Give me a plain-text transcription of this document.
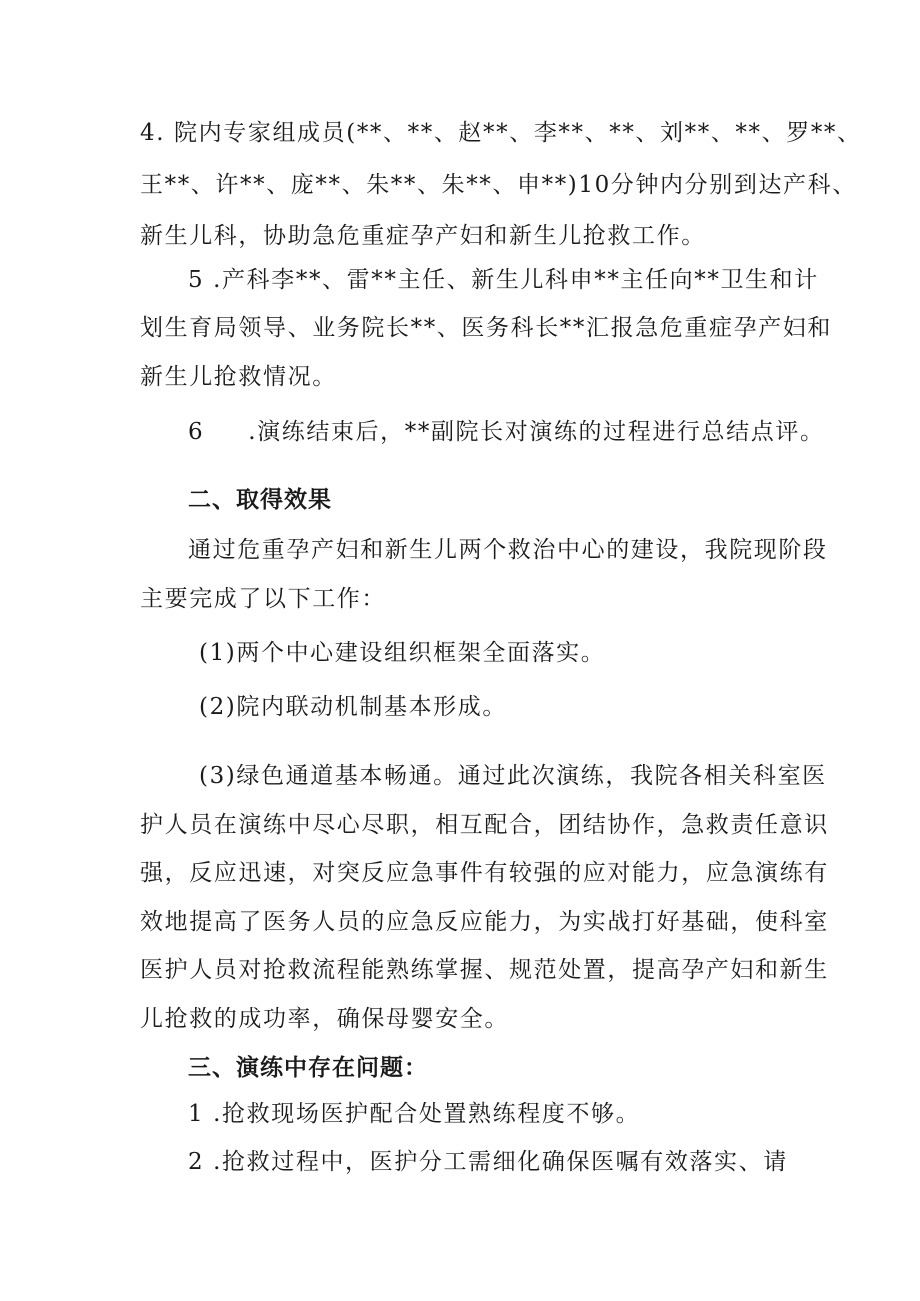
4. 院内专家组成员(**、**、赵**、李**、**、刘**、**、罗**、
王**、许**、庞**、朱**、朱**、申**)10分钟内分别到达产科、
新生儿科，协助急危重症孕产妇和新生儿抢救工作。
5 .产科李**、雷**主任、新生儿科申**主任向**卫生和计
划生育局领导、业务院长**、医务科长**汇报急危重症孕产妇和
新生儿抢救情况。
6 .演练结束后，**副院长对演练的过程进行总结点评。
二、取得效果
通过危重孕产妇和新生儿两个救治中心的建设，我院现阶段
主要完成了以下工作：
(1)两个中心建设组织框架全面落实。
(2)院内联动机制基本形成。
(3)绿色通道基本畅通。通过此次演练，我院各相关科室医
护人员在演练中尽心尽职，相互配合，团结协作，急救责任意识
强，反应迅速，对突反应急事件有较强的应对能力，应急演练有
效地提高了医务人员的应急反应能力，为实战打好基础，使科室
医护人员对抢救流程能熟练掌握、规范处置，提高孕产妇和新生
儿抢救的成功率，确保母婴安全。
三、演练中存在问题：
1 .抢救现场医护配合处置熟练程度不够。
2 .抢救过程中，医护分工需细化确保医嘱有效落实、请
